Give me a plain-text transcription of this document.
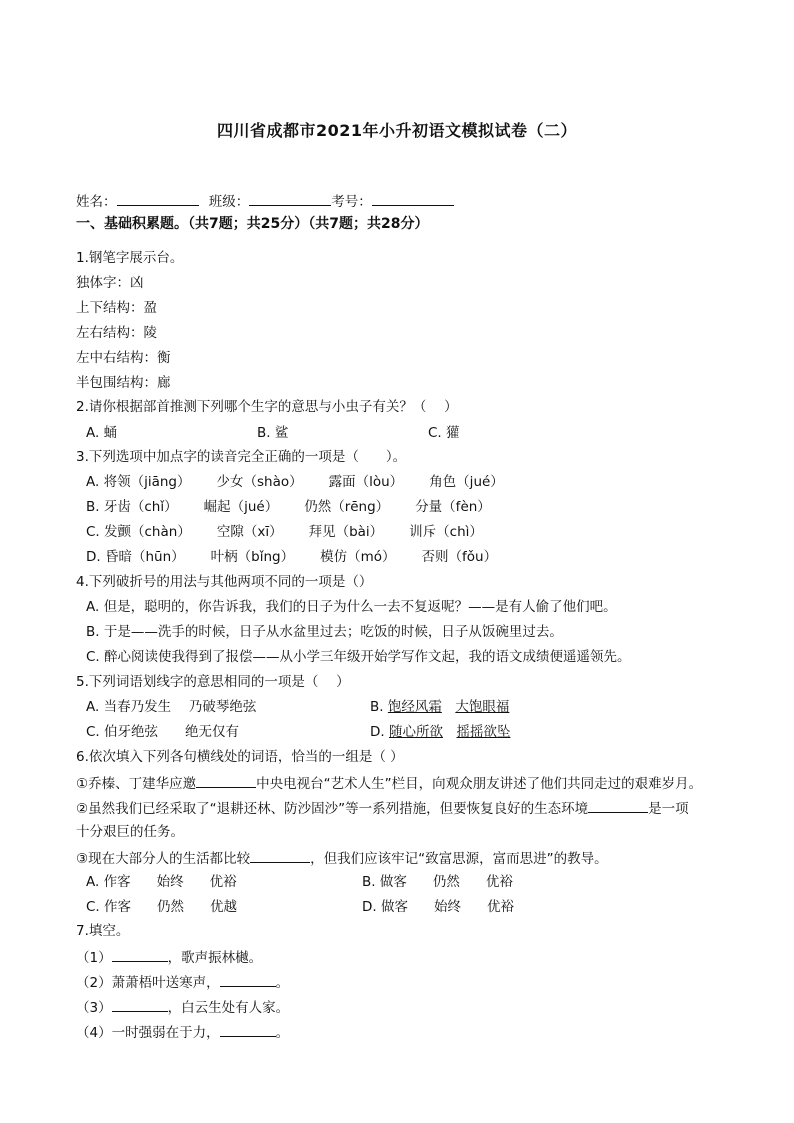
四川省成都市2021年小升初语文模拟试卷（二）
姓名：	班级：	考号：
一、基础积累题。（共7题；共25分）（共7题；共28分）
1.钢笔字展示台。
独体字：凶
上下结构：盈
左右结构：陵
左中右结构：衡
半包围结构：廊
2.请你根据部首推测下列哪个生字的意思与小虫子有关？（　 ）
A. 蛹	B. 鲨	C. 獾
3.下列选项中加点字的读音完全正确的一项是（　　）。
A. 将领（jiāng） 少女（shào） 露面（lòu） 角色（jué）
B. 牙齿（chǐ） 崛起（jué） 仍然（rēng） 分量（fèn）
C. 发颤（chàn） 空隙（xī） 拜见（bài） 训斥（chì）
D. 昏暗（hūn） 叶柄（bǐng） 模仿（mó） 否则（fǒu）
4.下列破折号的用法与其他两项不同的一项是（）
A. 但是，聪明的，你告诉我，我们的日子为什么一去不复返呢？——是有人偷了他们吧。
B. 于是——洗手的时候，日子从水盆里过去；吃饭的时候，日子从饭碗里过去。
C. 醉心阅读使我得到了报偿——从小学三年级开始学写作文起，我的语文成绩便遥遥领先。
5.下列词语划线字的意思相同的一项是（　 ）
A. 当春乃发生　 乃破琴绝弦	B. 饱经风霜　 大饱眼福
C. 伯牙绝弦　　绝无仅有	D. 随心所欲　 摇摇欲坠
6.依次填入下列各句横线处的词语，恰当的一组是（ ）
①乔榛、丁建华应邀	中央电视台“艺术人生”栏目，向观众朋友讲述了他们共同走过的艰难岁月。
②虽然我们已经采取了“退耕还林、防沙固沙”等一系列措施，但要恢复良好的生态环境	是一项
十分艰巨的任务。
③现在大部分人的生活都比较	，但我们应该牢记“致富思源，富而思进”的教导。
A. 作客 始终 优裕	B. 做客 仍然 优裕
C. 作客 仍然 优越	D. 做客 始终 优裕
7.填空。
（1）	，歌声振林樾。
（2）萧萧梧叶送寒声，	。
（3）	，白云生处有人家。
（4）一时强弱在于力，	。
